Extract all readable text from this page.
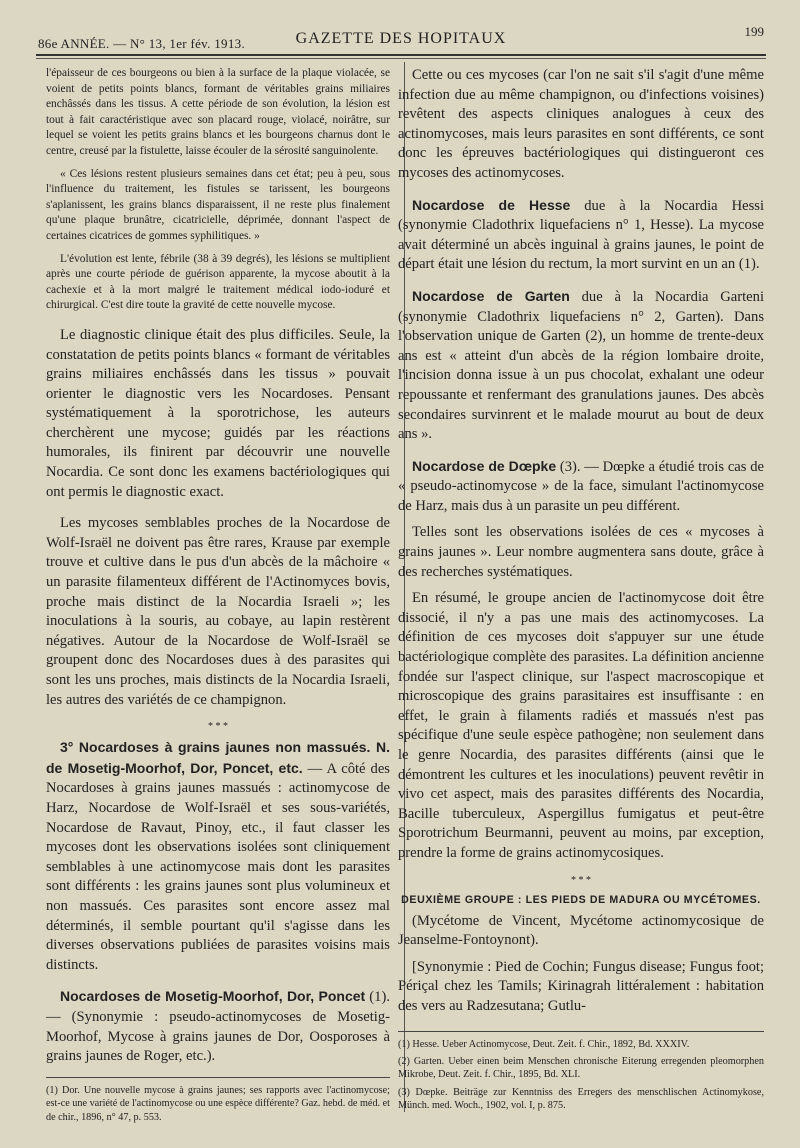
86e ANNÉE. — N° 13, 1er fév. 1913.	GAZETTE DES HOPITAUX	199

l'épaisseur de ces bourgeons ou bien à la surface de la plaque violacée, se voient de petits points blancs, formant de véritables grains miliaires enchâssés dans les tissus. A cette période de son évolution, la lésion est tout à fait caractéristique avec son placard rouge, violacé, noirâtre, sur lequel se voient les petits grains blancs et les bourgeons charnus dont le centre, creusé par la fistulette, laisse écouler de la sérosité sanguinolente.

« Ces lésions restent plusieurs semaines dans cet état; peu à peu, sous l'influence du traitement, les fistules se tarissent, les bourgeons s'aplanissent, les grains blancs disparaissent, il ne reste plus finalement qu'une plaque brunâtre, cicatricielle, déprimée, donnant l'aspect de certaines cicatrices de gommes syphilitiques. »

L'évolution est lente, fébrile (38 à 39 degrés), les lésions se multiplient après une courte période de guérison apparente, la mycose aboutit à la cachexie et à la mort malgré le traitement médical iodo-ioduré et chirurgical. C'est dire toute la gravité de cette nouvelle mycose.

Le diagnostic clinique était des plus difficiles. Seule, la constatation de petits points blancs « formant de véritables grains miliaires enchâssés dans les tissus » pouvait orienter le diagnostic vers les Nocardoses. Pensant systématiquement à la sporotrichose, les auteurs cherchèrent une mycose; guidés par les réactions humorales, ils finirent par découvrir une nouvelle Nocardia. Ce sont donc les examens bactériologiques qui ont permis le diagnostic exact.

Les mycoses semblables proches de la Nocardose de Wolf-Israël ne doivent pas être rares, Krause par exemple trouve et cultive dans le pus d'un abcès de la mâchoire « un parasite filamenteux différent de l'Actinomyces bovis, proche mais distinct de la Nocardia Israeli »; les inoculations à la souris, au cobaye, au lapin restèrent négatives. Autour de la Nocardose de Wolf-Israël se groupent donc des Nocardoses dues à des parasites qui sont les uns proches, mais distincts de la Nocardia Israeli, les autres des variétés de ce champignon.

* * *

3° Nocardoses à grains jaunes non massués. N. de Mosetig-Moorhof, Dor, Poncet, etc. — A côté des Nocardoses à grains jaunes massués : actinomycose de Harz, Nocardose de Wolf-Israël et ses sous-variétés, Nocardose de Ravaut, Pinoy, etc., il faut classer les mycoses dont les observations isolées sont cliniquement semblables à une actinomycose mais dont les parasites sont différents : les grains jaunes sont plus volumineux et non massués. Ces parasites sont encore assez mal déterminés, il semble pourtant qu'il s'agisse dans les diverses observations publiées de parasites voisins mais distincts.

Nocardoses de Mosetig-Moorhof, Dor, Poncet (1). — (Synonymie : pseudo-actinomycoses de Mosetig-Moorhof, Mycose à grains jaunes de Dor, Oosporoses à grains jaunes de Roger, etc.).

(1) Dor. Une nouvelle mycose à grains jaunes; ses rapports avec l'actinomycose; est-ce une variété de l'actinomycose ou une espèce différente? Gaz. hebd. de méd. et de chir., 1896, n° 47, p. 553.

Cette ou ces mycoses (car l'on ne sait s'il s'agit d'une même infection due au même champignon, ou d'infections voisines) revêtent des aspects cliniques analogues à ceux des actinomycoses, mais leurs parasites en sont différents, ce sont donc les épreuves bactériologiques qui distingueront ces mycoses des actinomycoses.

Nocardose de Hesse due à la Nocardia Hessi (synonymie Cladothrix liquefaciens n° 1, Hesse). La mycose avait déterminé un abcès inguinal à grains jaunes, le point de départ était une lésion du rectum, la mort survint en un an (1).

Nocardose de Garten due à la Nocardia Garteni (synonymie Cladothrix liquefaciens n° 2, Garten). Dans l'observation unique de Garten (2), un homme de trente-deux ans est « atteint d'un abcès de la région lombaire droite, l'incision donna issue à un pus chocolat, exhalant une odeur repoussante et renfermant des granulations jaunes. Des abcès secondaires survinrent et le malade mourut au bout de deux ans ».

Nocardose de Dœpke (3). — Dœpke a étudié trois cas de « pseudo-actinomycose » de la face, simulant l'actinomycose de Harz, mais dus à un parasite un peu différent.

Telles sont les observations isolées de ces « mycoses à grains jaunes ». Leur nombre augmentera sans doute, grâce à des recherches systématiques.

En résumé, le groupe ancien de l'actinomycose doit être dissocié, il n'y a pas une mais des actinomycoses. La définition de ces mycoses doit s'appuyer sur une étude bactériologique complète des parasites. La définition ancienne fondée sur l'aspect clinique, sur l'aspect macroscopique et microscopique des grains parasitaires est insuffisante : en effet, le grain à filaments radiés et massués n'est pas spécifique d'une seule espèce pathogène; non seulement dans le genre Nocardia, des parasites différents (ainsi que le démontrent les cultures et les inoculations) peuvent revêtir in vivo cet aspect, mais des parasites différents des Nocardia, Bacille tuberculeux, Aspergillus fumigatus et peut-être Sporotrichum Beurmanni, peuvent au moins, par exception, prendre la forme de grains actinomycosiques.

* * *
DEUXIÈME GROUPE : LES PIEDS DE MADURA OU MYCÉTOMES.

(Mycétome de Vincent, Mycétome actinomycosique de Jeanselme-Fontoynont).

[Synonymie : Pied de Cochin; Fungus disease; Fungus foot; Périçal chez les Tamils; Kirinagrah littéralement : habitation des vers au Radzesutana; Gutlu-

(1) Hesse. Ueber Actinomycose, Deut. Zeit. f. Chir., 1892, Bd. XXXIV.

(2) Garten. Ueber einen beim Menschen chronische Eiterung erregenden pleomorphen Mikrobe, Deut. Zeit. f. Chir., 1895, Bd. XLI.

(3) Dœpke. Beiträge zur Kenntniss des Erregers des menschlischen Actinomykose, Münch. med. Woch., 1902, vol. I, p. 875.
